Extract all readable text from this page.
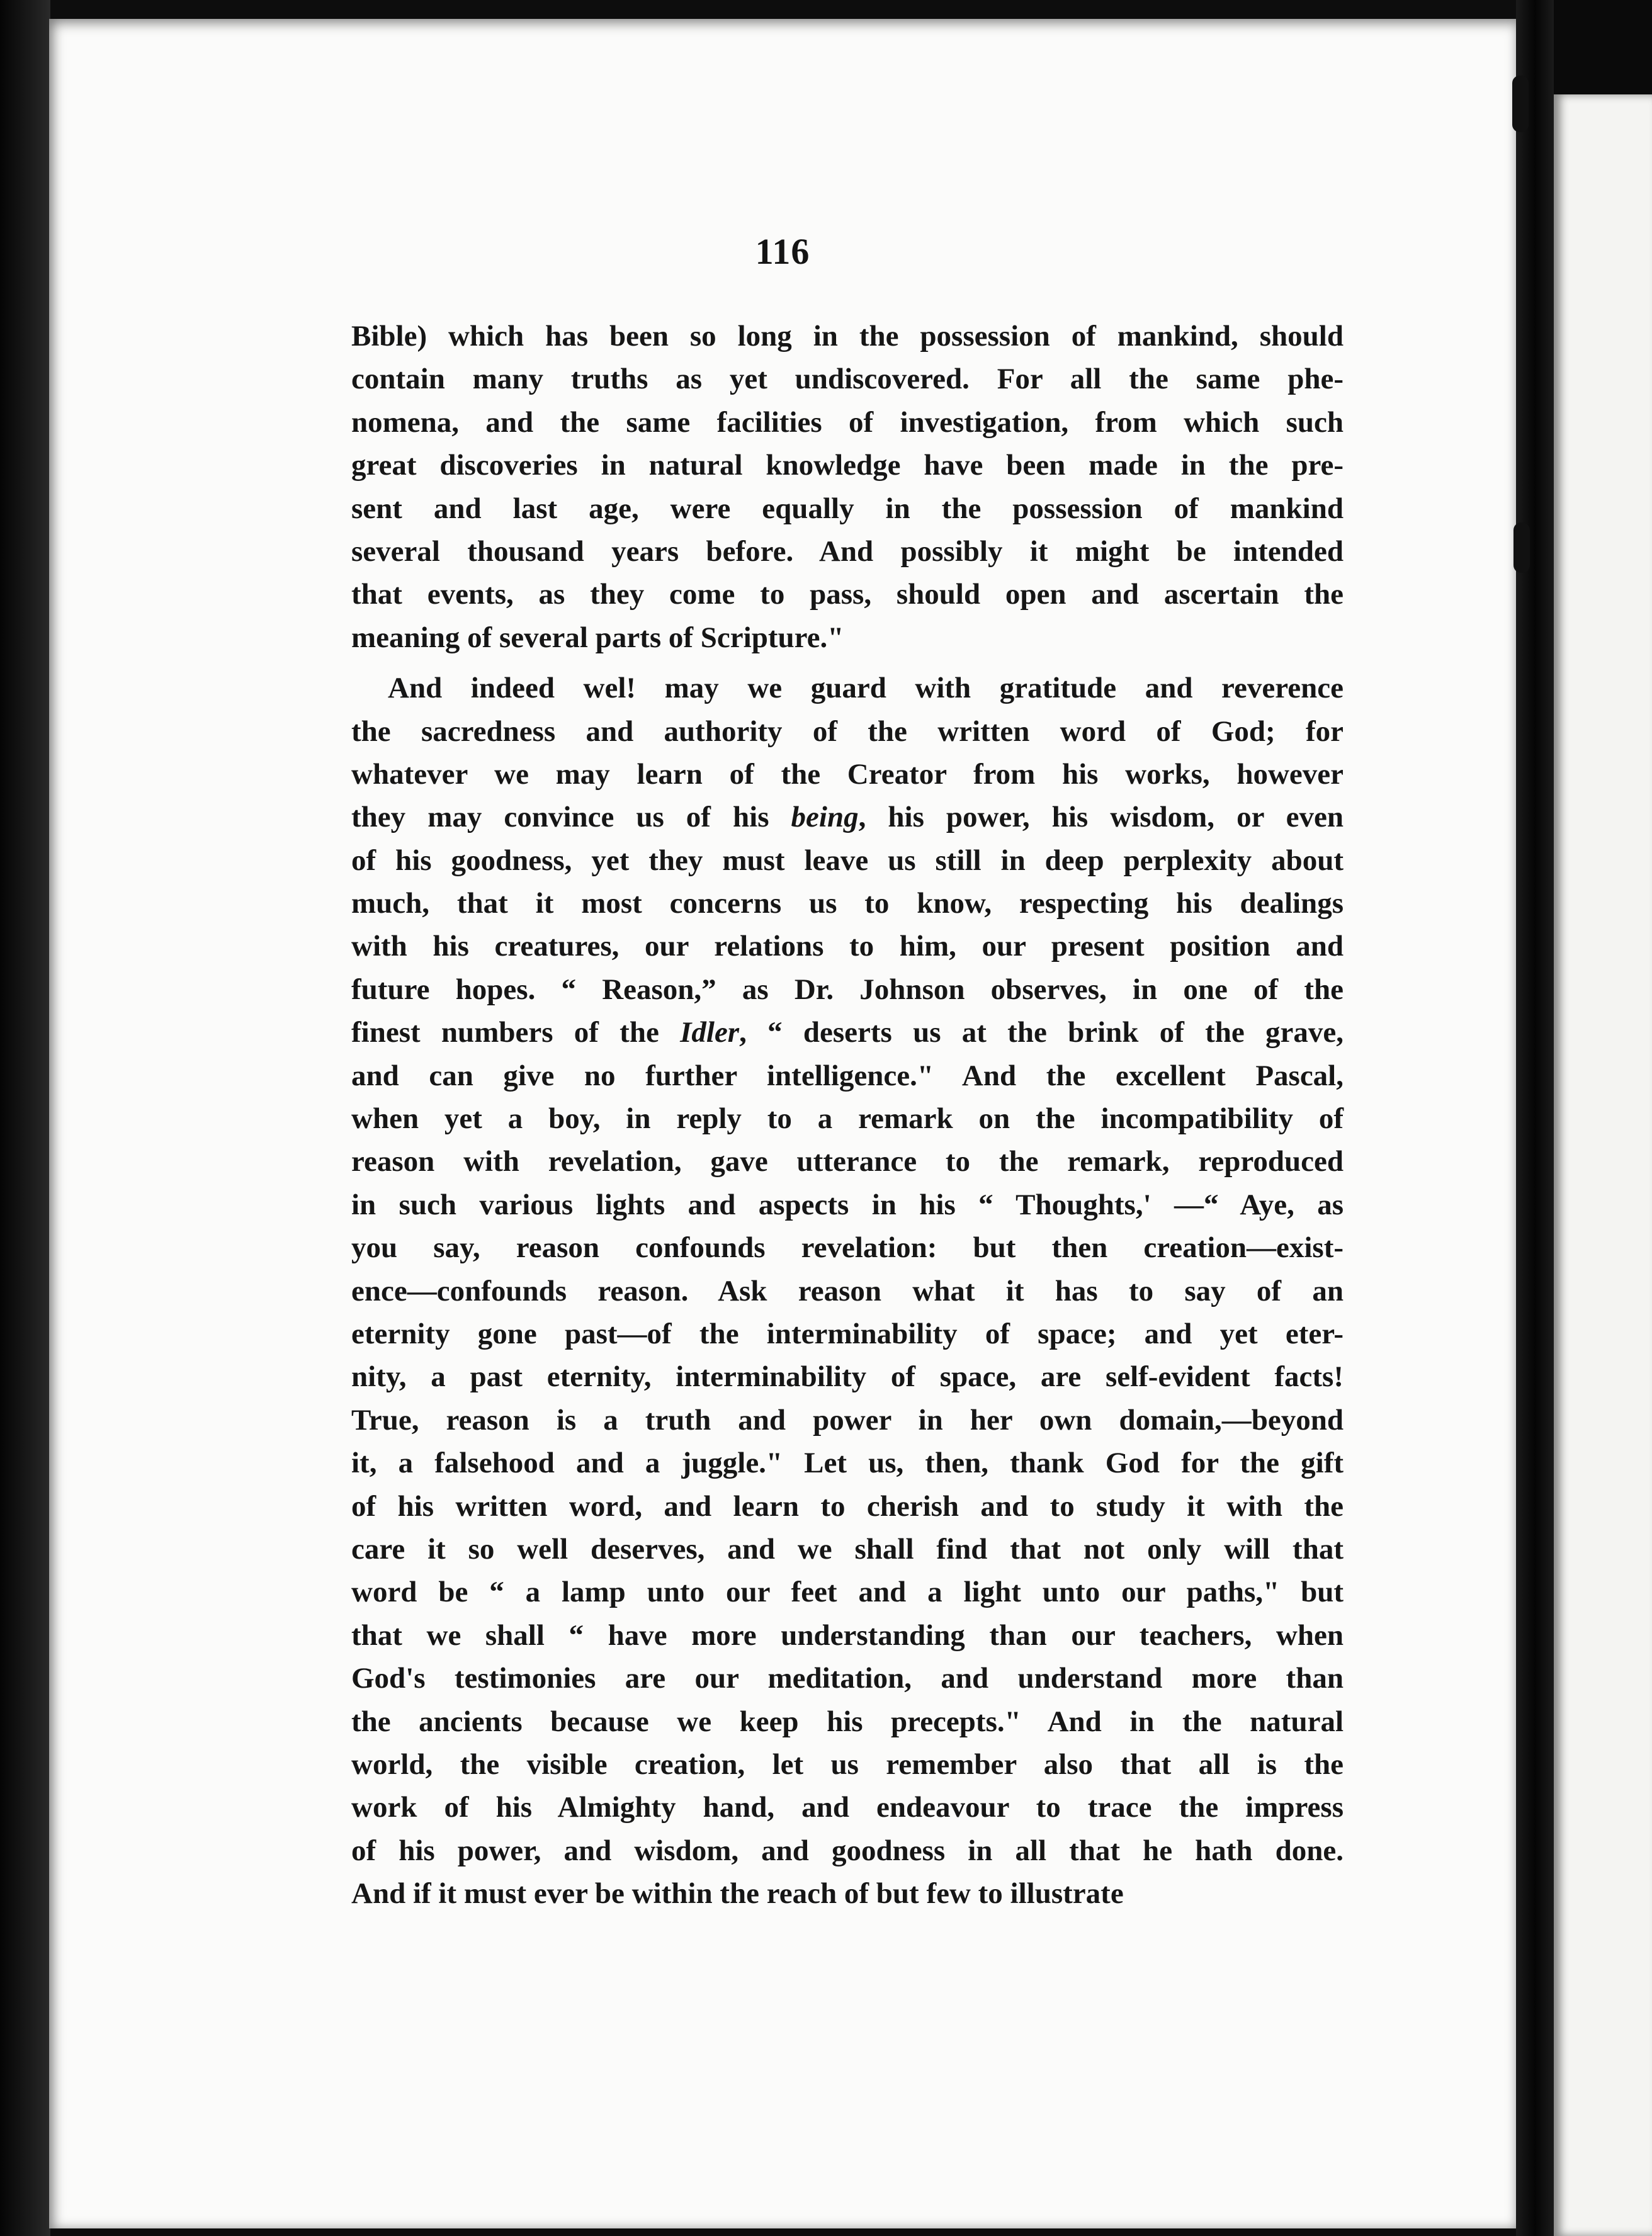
116
Bible) which has been so long in the possession of mankind, should
contain many truths as yet undiscovered. For all the same phe-
nomena, and the same facilities of investigation, from which such
great discoveries in natural knowledge have been made in the pre-
sent and last age, were equally in the possession of mankind
several thousand years before. And possibly it might be intended
that events, as they come to pass, should open and ascertain the
meaning of several parts of Scripture."
And indeed wel! may we guard with gratitude and reverence
the sacredness and authority of the written word of God; for
whatever we may learn of the Creator from his works, however
they may convince us of his being, his power, his wisdom, or even
of his goodness, yet they must leave us still in deep perplexity about
much, that it most concerns us to know, respecting his dealings
with his creatures, our relations to him, our present position and
future hopes. “ Reason,” as Dr. Johnson observes, in one of the
finest numbers of the Idler, “ deserts us at the brink of the grave,
and can give no further intelligence." And the excellent Pascal,
when yet a boy, in reply to a remark on the incompatibility of
reason with revelation, gave utterance to the remark, reproduced
in such various lights and aspects in his “ Thoughts,' —“ Aye, as
you say, reason confounds revelation: but then creation—exist-
ence—confounds reason. Ask reason what it has to say of an
eternity gone past—of the interminability of space; and yet eter-
nity, a past eternity, interminability of space, are self-evident facts!
True, reason is a truth and power in her own domain,—beyond
it, a falsehood and a juggle." Let us, then, thank God for the gift
of his written word, and learn to cherish and to study it with the
care it so well deserves, and we shall find that not only will that
word be “ a lamp unto our feet and a light unto our paths," but
that we shall “ have more understanding than our teachers, when
God's testimonies are our meditation, and understand more than
the ancients because we keep his precepts." And in the natural
world, the visible creation, let us remember also that all is the
work of his Almighty hand, and endeavour to trace the impress
of his power, and wisdom, and goodness in all that he hath done.
And if it must ever be within the reach of but few to illustrate
